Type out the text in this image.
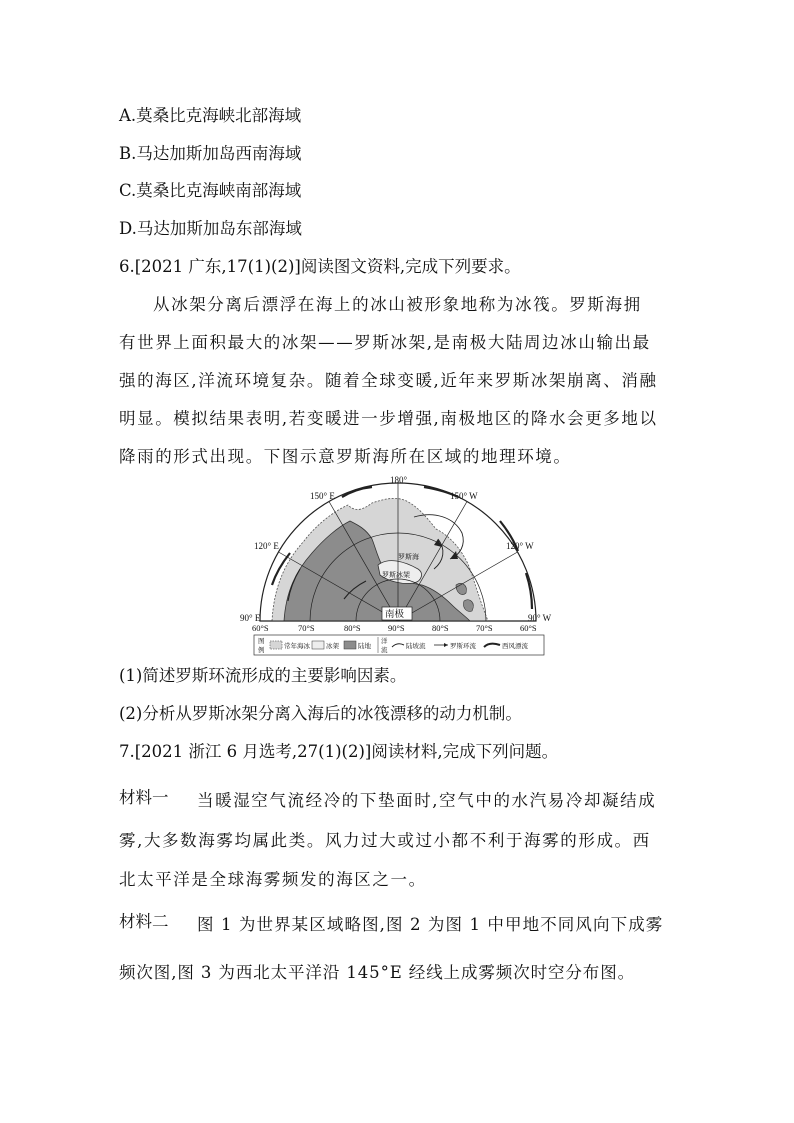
A.莫桑比克海峡北部海域
B.马达加斯加岛西南海域
C.莫桑比克海峡南部海域
D.马达加斯加岛东部海域
6.[2021 广东,17(1)(2)]阅读图文资料,完成下列要求。
从冰架分离后漂浮在海上的冰山被形象地称为冰筏。罗斯海拥
有世界上面积最大的冰架——罗斯冰架,是南极大陆周边冰山输出最
强的海区,洋流环境复杂。随着全球变暖,近年来罗斯冰架崩离、消融
明显。模拟结果表明,若变暖进一步增强,南极地区的降水会更多地以
降雨的形式出现。下图示意罗斯海所在区域的地理环境。
180°
150° E	150° W
120° E	120° W
90° E	90° W
60°S	70°S	80°S	90°S	80°S	70°S	60°S
南极
罗斯海
罗斯冰架
图
例
常年海冰 冰架	陆地
洋
流
陆坡流	罗斯环流	西风漂流
(1)简述罗斯环流形成的主要影响因素。
(2)分析从罗斯冰架分离入海后的冰筏漂移的动力机制。
7.[2021 浙江 6 月选考,27(1)(2)]阅读材料,完成下列问题。
材料一 当暖湿空气流经冷的下垫面时,空气中的水汽易冷却凝结成
雾,大多数海雾均属此类。风力过大或过小都不利于海雾的形成。西
北太平洋是全球海雾频发的海区之一。
材料二 图 1 为世界某区域略图,图 2 为图 1 中甲地不同风向下成雾
频次图,图 3 为西北太平洋沿 145°E 经线上成雾频次时空分布图。
